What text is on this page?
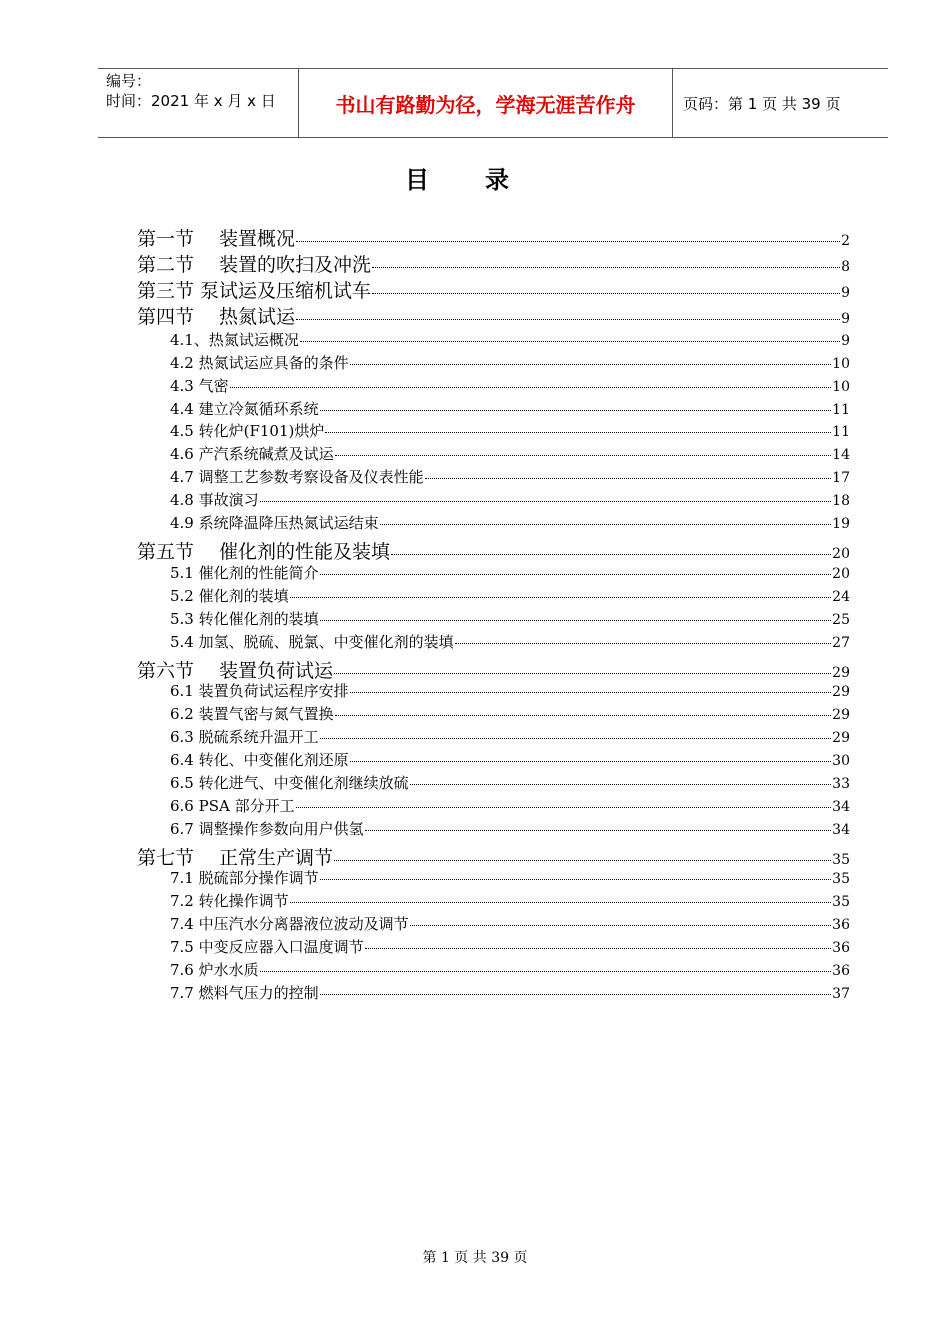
编号：
时间：2021 年 x 月 x 日	书山有路勤为径，学海无涯苦作舟	页码：第 1 页 共 39 页
目录
第一节　 装置概况	2
第二节　 装置的吹扫及冲洗	8
第三节 泵试运及压缩机试车	9
第四节　 热氮试运	9
4.1、热氮试运概况	9
4.2 热氮试运应具备的条件	10
4.3 气密	10
4.4 建立冷氮循环系统	11
4.5 转化炉(F101)烘炉	11
4.6 产汽系统碱煮及试运	14
4.7 调整工艺参数考察设备及仪表性能	17
4.8 事故演习	18
4.9 系统降温降压热氮试运结束	19
第五节　 催化剂的性能及装填	20
5.1 催化剂的性能简介	20
5.2 催化剂的装填	24
5.3 转化催化剂的装填	25
5.4 加氢、脱硫、脱氯、中变催化剂的装填	27
第六节　 装置负荷试运	29
6.1 装置负荷试运程序安排	29
6.2 装置气密与氮气置换	29
6.3 脱硫系统升温开工	29
6.4 转化、中变催化剂还原	30
6.5 转化进气、中变催化剂继续放硫	33
6.6 PSA 部分开工	34
6.7 调整操作参数向用户供氢	34
第七节　 正常生产调节	35
7.1 脱硫部分操作调节	35
7.2 转化操作调节	35
7.4 中压汽水分离器液位波动及调节	36
7.5 中变反应器入口温度调节	36
7.6 炉水水质	36
7.7 燃料气压力的控制	37
第 1 页 共 39 页
